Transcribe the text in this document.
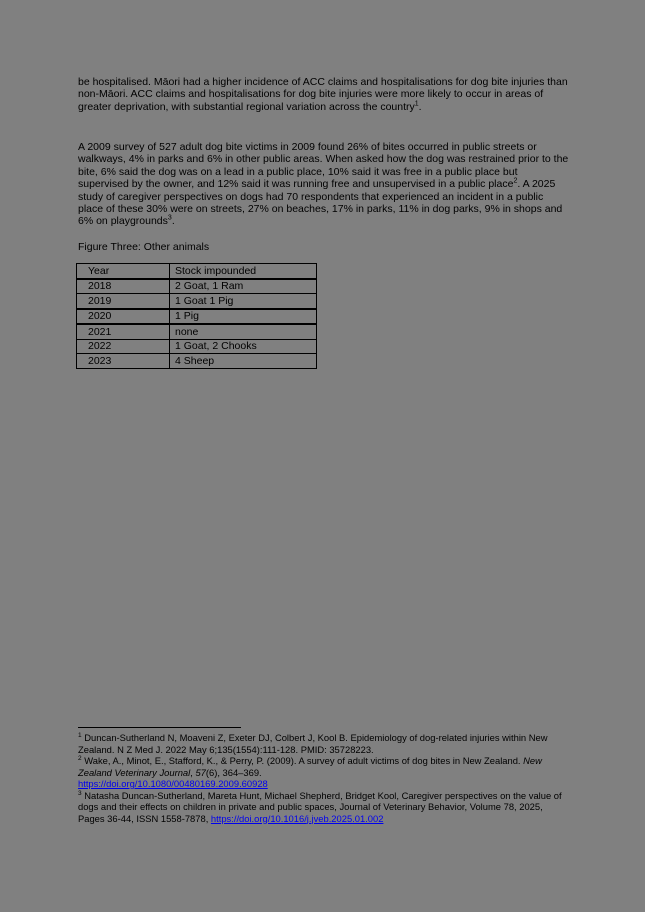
be hospitalised. Māori had a higher incidence of ACC claims and hospitalisations for dog bite injuries than non-Māori. ACC claims and hospitalisations for dog bite injuries were more likely to occur in areas of greater deprivation, with substantial regional variation across the country$^1$.
A 2009 survey of 527 adult dog bite victims in 2009 found 26% of bites occurred in public streets or walkways, 4% in parks and 6% in other public areas. When asked how the dog was restrained prior to the bite, 6% said the dog was on a lead in a public place, 10% said it was free in a public place but supervised by the owner, and 12% said it was running free and unsupervised in a public place$^2$. A 2025 study of caregiver perspectives on dogs had 70 respondents that experienced an incident in a public place of these 30% were on streets, 27% on beaches, 17% in parks, 11% in dog parks, 9% in shops and 6% on playgrounds$^3$.
Figure Three: Other animals
Year	Stock impounded
2018	2 Goat, 1 Ram
2019	1 Goat 1 Pig
2020	1 Pig
2021	none
2022	1 Goat, 2 Chooks
2023	4 Sheep
$^1$ Duncan-Sutherland N, Moaveni Z, Exeter DJ, Colbert J, Kool B. Epidemiology of dog-related injuries within New Zealand. N Z Med J. 2022 May 6;135(1554):111-128. PMID: 35728223.
$^2$ Wake, A., Minot, E., Stafford, K., & Perry, P. (2009). A survey of adult victims of dog bites in New Zealand. New Zealand Veterinary Journal, 57(6), 364–369.
https://doi.org/10.1080/00480169.2009.60928
$^3$ Natasha Duncan-Sutherland, Mareta Hunt, Michael Shepherd, Bridget Kool, Caregiver perspectives on the value of dogs and their effects on children in private and public spaces, Journal of Veterinary Behavior, Volume 78, 2025, Pages 36-44, ISSN 1558-7878, https://doi.org/10.1016/j.jveb.2025.01.002
